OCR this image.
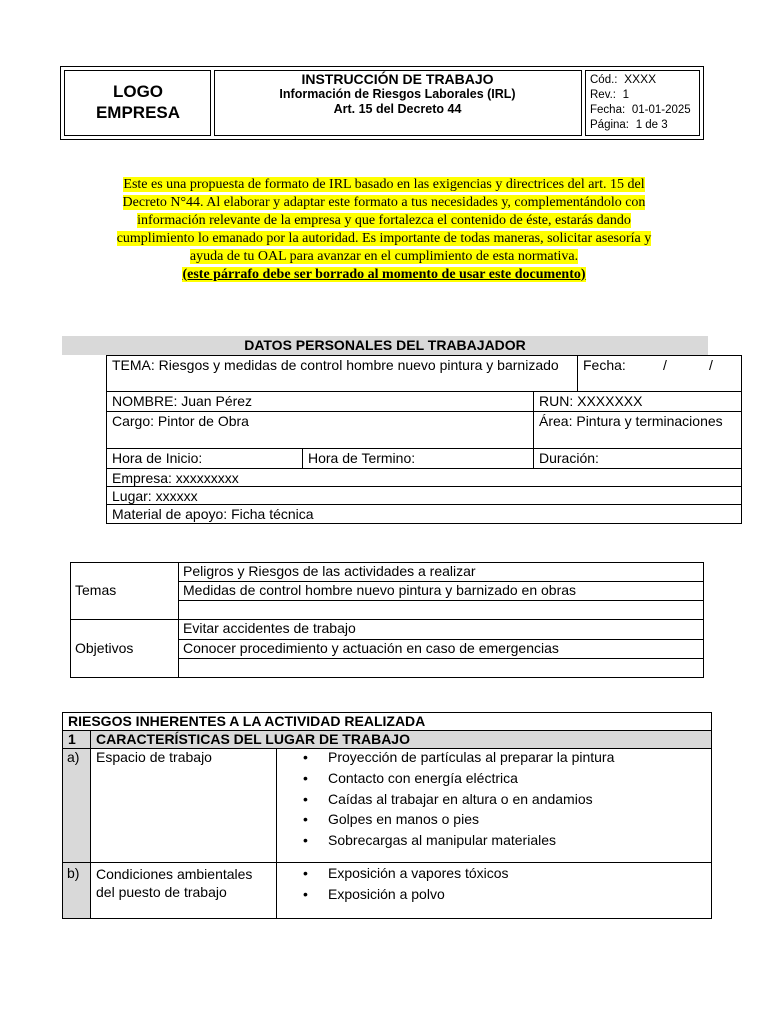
LOGO
EMPRESA
INSTRUCCIÓN DE TRABAJO
Información de Riesgos Laborales (IRL)
Art. 15 del Decreto 44
Cód.: XXXX
Rev.: 1
Fecha: 01-01-2025
Página: 1 de 3
Este es una propuesta de formato de IRL basado en las exigencias y directrices del art. 15 del Decreto N°44. Al elaborar y adaptar este formato a tus necesidades y, complementándolo con información relevante de la empresa y que fortalezca el contenido de éste, estarás dando cumplimiento lo emanado por la autoridad. Es importante de todas maneras, solicitar asesoría y ayuda de tu OAL para avanzar en el cumplimiento de esta normativa.
(este párrafo debe ser borrado al momento de usar este documento)
DATOS PERSONALES DEL TRABAJADOR
TEMA: Riesgos y medidas de control hombre nuevo pintura y barnizado	Fecha:	/	/
NOMBRE: Juan Pérez	RUN: XXXXXXX
Cargo: Pintor de Obra	Área: Pintura y terminaciones
Hora de Inicio:	Hora de Termino:	Duración:
Empresa: xxxxxxxxx
Lugar: xxxxxx
Material de apoyo: Ficha técnica
Temas
Peligros y Riesgos de las actividades a realizar
Medidas de control hombre nuevo pintura y barnizado en obras
Objetivos
Evitar accidentes de trabajo
Conocer procedimiento y actuación en caso de emergencias
RIESGOS INHERENTES A LA ACTIVIDAD REALIZADA
1	CARACTERÍSTICAS DEL LUGAR DE TRABAJO
a)	Espacio de trabajo
•	Proyección de partículas al preparar la pintura
• Contacto con energía eléctrica
• Caídas al trabajar en altura o en andamios
• Golpes en manos o pies
• Sobrecargas al manipular materiales
b)	Condiciones ambientales del puesto de trabajo
• Exposición a vapores tóxicos
• Exposición a polvo
